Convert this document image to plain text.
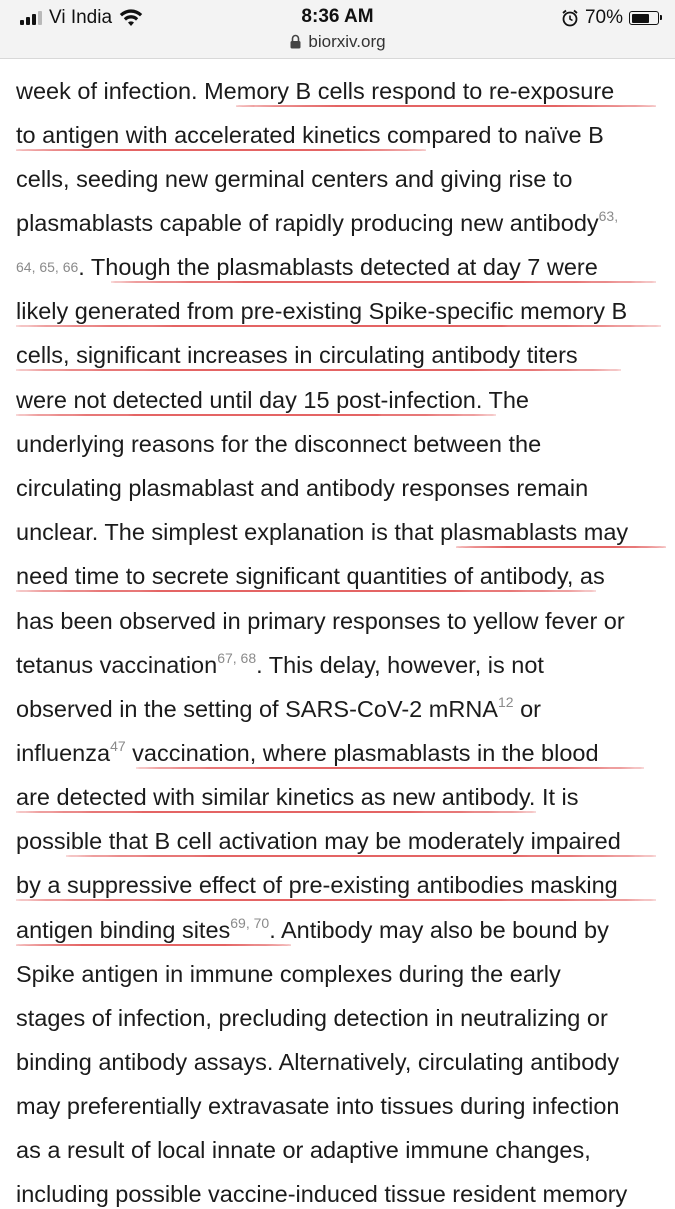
Vi India	8:36 AM	70%
biorxiv.org
week of infection. Memory B cells respond to re-exposure
to antigen with accelerated kinetics compared to naïve B
cells, seeding new germinal centers and giving rise to
plasmablasts capable of rapidly producing new antibody$^{63,}$
64, 65, 66. Though the plasmablasts detected at day 7 were
likely generated from pre-existing Spike-specific memory B
cells, significant increases in circulating antibody titers
were not detected until day 15 post-infection. The
underlying reasons for the disconnect between the
circulating plasmablast and antibody responses remain
unclear. The simplest explanation is that plasmablasts may
need time to secrete significant quantities of antibody, as
has been observed in primary responses to yellow fever or
tetanus vaccination$^{67, 68}$. This delay, however, is not
observed in the setting of SARS-CoV-2 mRNA$^{12}$ or
influenza$^{47}$ vaccination, where plasmablasts in the blood
are detected with similar kinetics as new antibody. It is
possible that B cell activation may be moderately impaired
by a suppressive effect of pre-existing antibodies masking
antigen binding sites$^{69, 70}$. Antibody may also be bound by
Spike antigen in immune complexes during the early
stages of infection, precluding detection in neutralizing or
binding antibody assays. Alternatively, circulating antibody
may preferentially extravasate into tissues during infection
as a result of local innate or adaptive immune changes,
including possible vaccine-induced tissue resident memory
